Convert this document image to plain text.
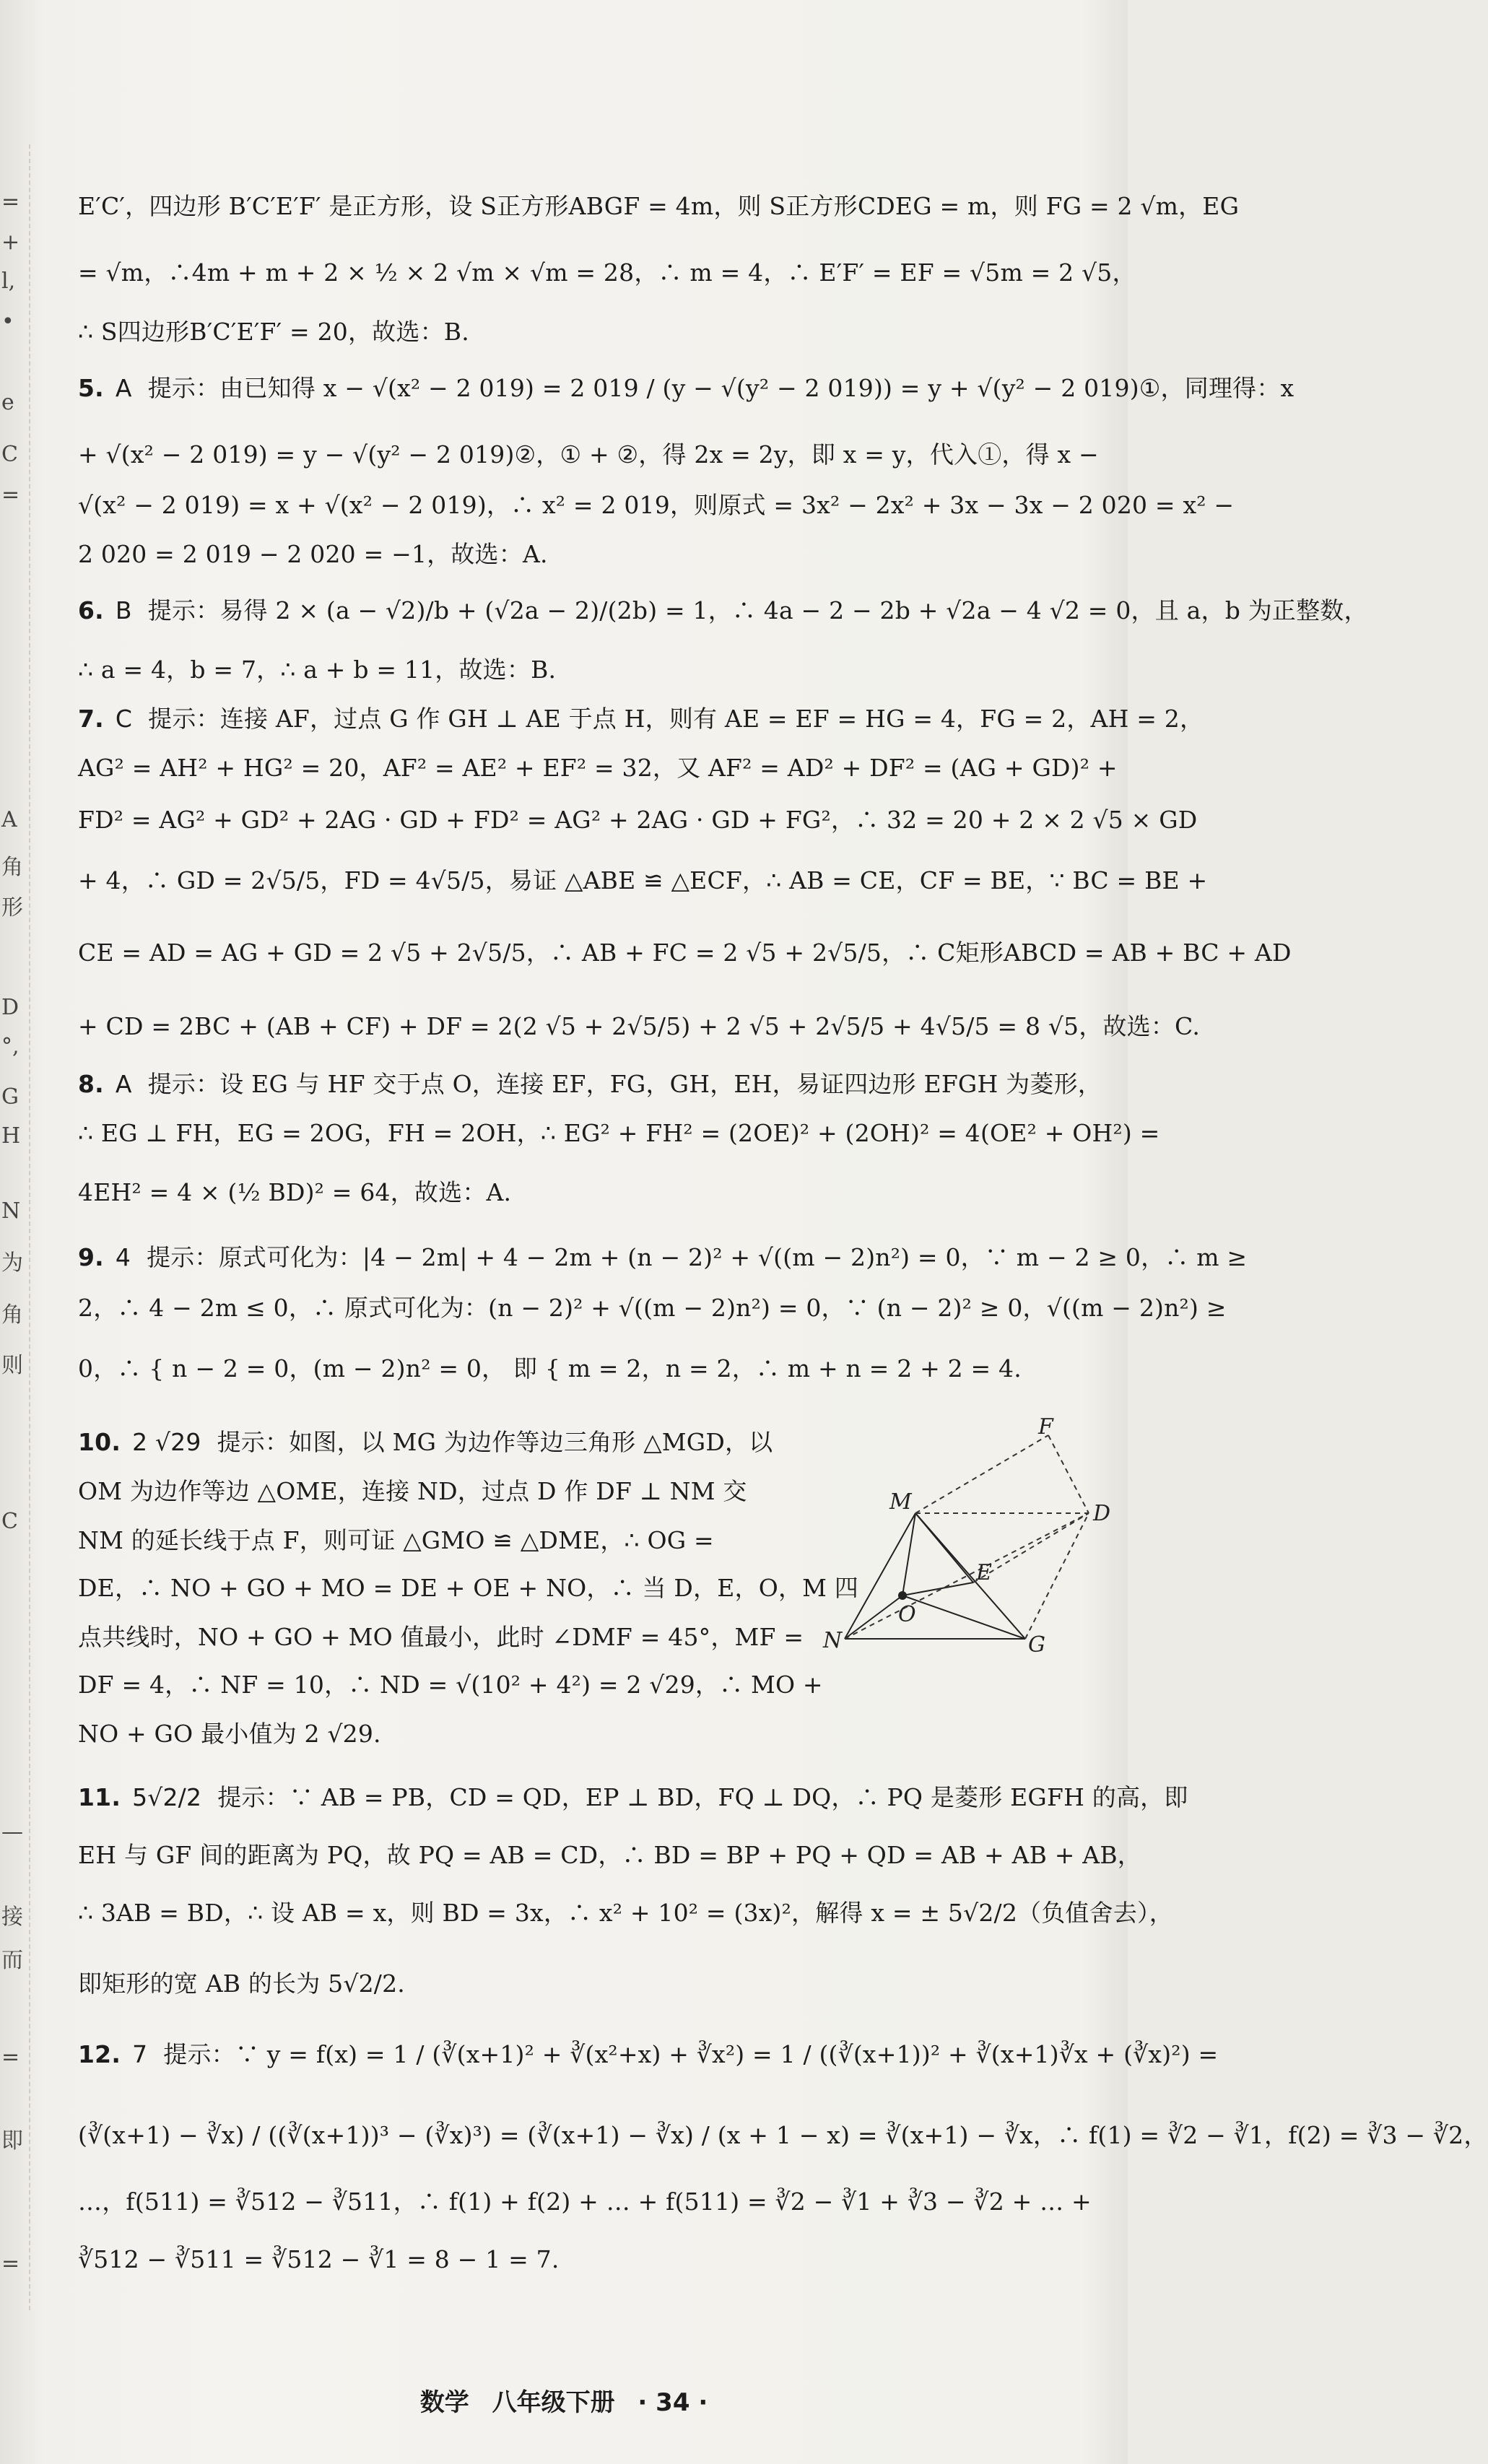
=
+
l,
•
e
C
=
A
角
形
D
°,
G
H
N
为
角
则
C
—
接
而
=
即
=
E′C′，四边形 B′C′E′F′ 是正方形，设 S正方形ABGF = 4m，则 S正方形CDEG = m，则 FG = 2 √m，EG
= √m，∴4m + m + 2 × ½ × 2 √m × √m = 28，∴ m = 4，∴ E′F′ = EF = √5m = 2 √5，
∴ S四边形B′C′E′F′ = 20，故选：B.
5. A 提示：由已知得 x − √(x² − 2 019) = 2 019 / (y − √(y² − 2 019)) = y + √(y² − 2 019)①，同理得：x
+ √(x² − 2 019) = y − √(y² − 2 019)②，① + ②，得 2x = 2y，即 x = y，代入①，得 x −
√(x² − 2 019) = x + √(x² − 2 019)，∴ x² = 2 019，则原式 = 3x² − 2x² + 3x − 3x − 2 020 = x² −
2 020 = 2 019 − 2 020 = −1，故选：A.
6. B 提示：易得 2 × (a − √2)/b + (√2a − 2)/(2b) = 1，∴ 4a − 2 − 2b + √2a − 4 √2 = 0，且 a，b 为正整数，
∴ a = 4，b = 7，∴ a + b = 11，故选：B.
7. C 提示：连接 AF，过点 G 作 GH ⊥ AE 于点 H，则有 AE = EF = HG = 4，FG = 2，AH = 2，
AG² = AH² + HG² = 20，AF² = AE² + EF² = 32，又 AF² = AD² + DF² = (AG + GD)² +
FD² = AG² + GD² + 2AG · GD + FD² = AG² + 2AG · GD + FG²，∴ 32 = 20 + 2 × 2 √5 × GD
+ 4，∴ GD = 2√5/5，FD = 4√5/5，易证 △ABE ≌ △ECF，∴ AB = CE，CF = BE，∵ BC = BE +
CE = AD = AG + GD = 2 √5 + 2√5/5，∴ AB + FC = 2 √5 + 2√5/5，∴ C矩形ABCD = AB + BC + AD
+ CD = 2BC + (AB + CF) + DF = 2(2 √5 + 2√5/5) + 2 √5 + 2√5/5 + 4√5/5 = 8 √5，故选：C.
8. A 提示：设 EG 与 HF 交于点 O，连接 EF，FG，GH，EH，易证四边形 EFGH 为菱形，
∴ EG ⊥ FH，EG = 2OG，FH = 2OH，∴ EG² + FH² = (2OE)² + (2OH)² = 4(OE² + OH²) =
4EH² = 4 × (½ BD)² = 64，故选：A.
9. 4 提示：原式可化为：|4 − 2m| + 4 − 2m + (n − 2)² + √((m − 2)n²) = 0，∵ m − 2 ≥ 0，∴ m ≥
2，∴ 4 − 2m ≤ 0，∴ 原式可化为：(n − 2)² + √((m − 2)n²) = 0，∵ (n − 2)² ≥ 0，√((m − 2)n²) ≥
0，∴ { n − 2 = 0，(m − 2)n² = 0， 即 { m = 2，n = 2，∴ m + n = 2 + 2 = 4.
10. 2 √29 提示：如图，以 MG 为边作等边三角形 △MGD，以
OM 为边作等边 △OME，连接 ND，过点 D 作 DF ⊥ NM 交
NM 的延长线于点 F，则可证 △GMO ≌ △DME，∴ OG =
DE，∴ NO + GO + MO = DE + OE + NO，∴ 当 D，E，O，M 四
点共线时，NO + GO + MO 值最小，此时 ∠DMF = 45°，MF =
DF = 4，∴ NF = 10，∴ ND = √(10² + 4²) = 2 √29，∴ MO +
NO + GO 最小值为 2 √29.
11. 5√2/2 提示：∵ AB = PB，CD = QD，EP ⊥ BD，FQ ⊥ DQ，∴ PQ 是菱形 EGFH 的高，即
EH 与 GF 间的距离为 PQ，故 PQ = AB = CD，∴ BD = BP + PQ + QD = AB + AB + AB，
∴ 3AB = BD，∴ 设 AB = x，则 BD = 3x，∴ x² + 10² = (3x)²，解得 x = ± 5√2/2（负值舍去），
即矩形的宽 AB 的长为 5√2/2.
12. 7 提示：∵ y = f(x) = 1 / (∛(x+1)² + ∛(x²+x) + ∛x²) = 1 / ((∛(x+1))² + ∛(x+1)∛x + (∛x)²) =
(∛(x+1) − ∛x) / ((∛(x+1))³ − (∛x)³) = (∛(x+1) − ∛x) / (x + 1 − x) = ∛(x+1) − ∛x，∴ f(1) = ∛2 − ∛1，f(2) = ∛3 − ∛2，
…，f(511) = ∛512 − ∛511，∴ f(1) + f(2) + … + f(511) = ∛2 − ∛1 + ∛3 − ∛2 + … +
∛512 − ∛511 = ∛512 − ∛1 = 8 − 1 = 7.
F
M	D
E
O
N	G
数学 八年级下册 · 34 ·
